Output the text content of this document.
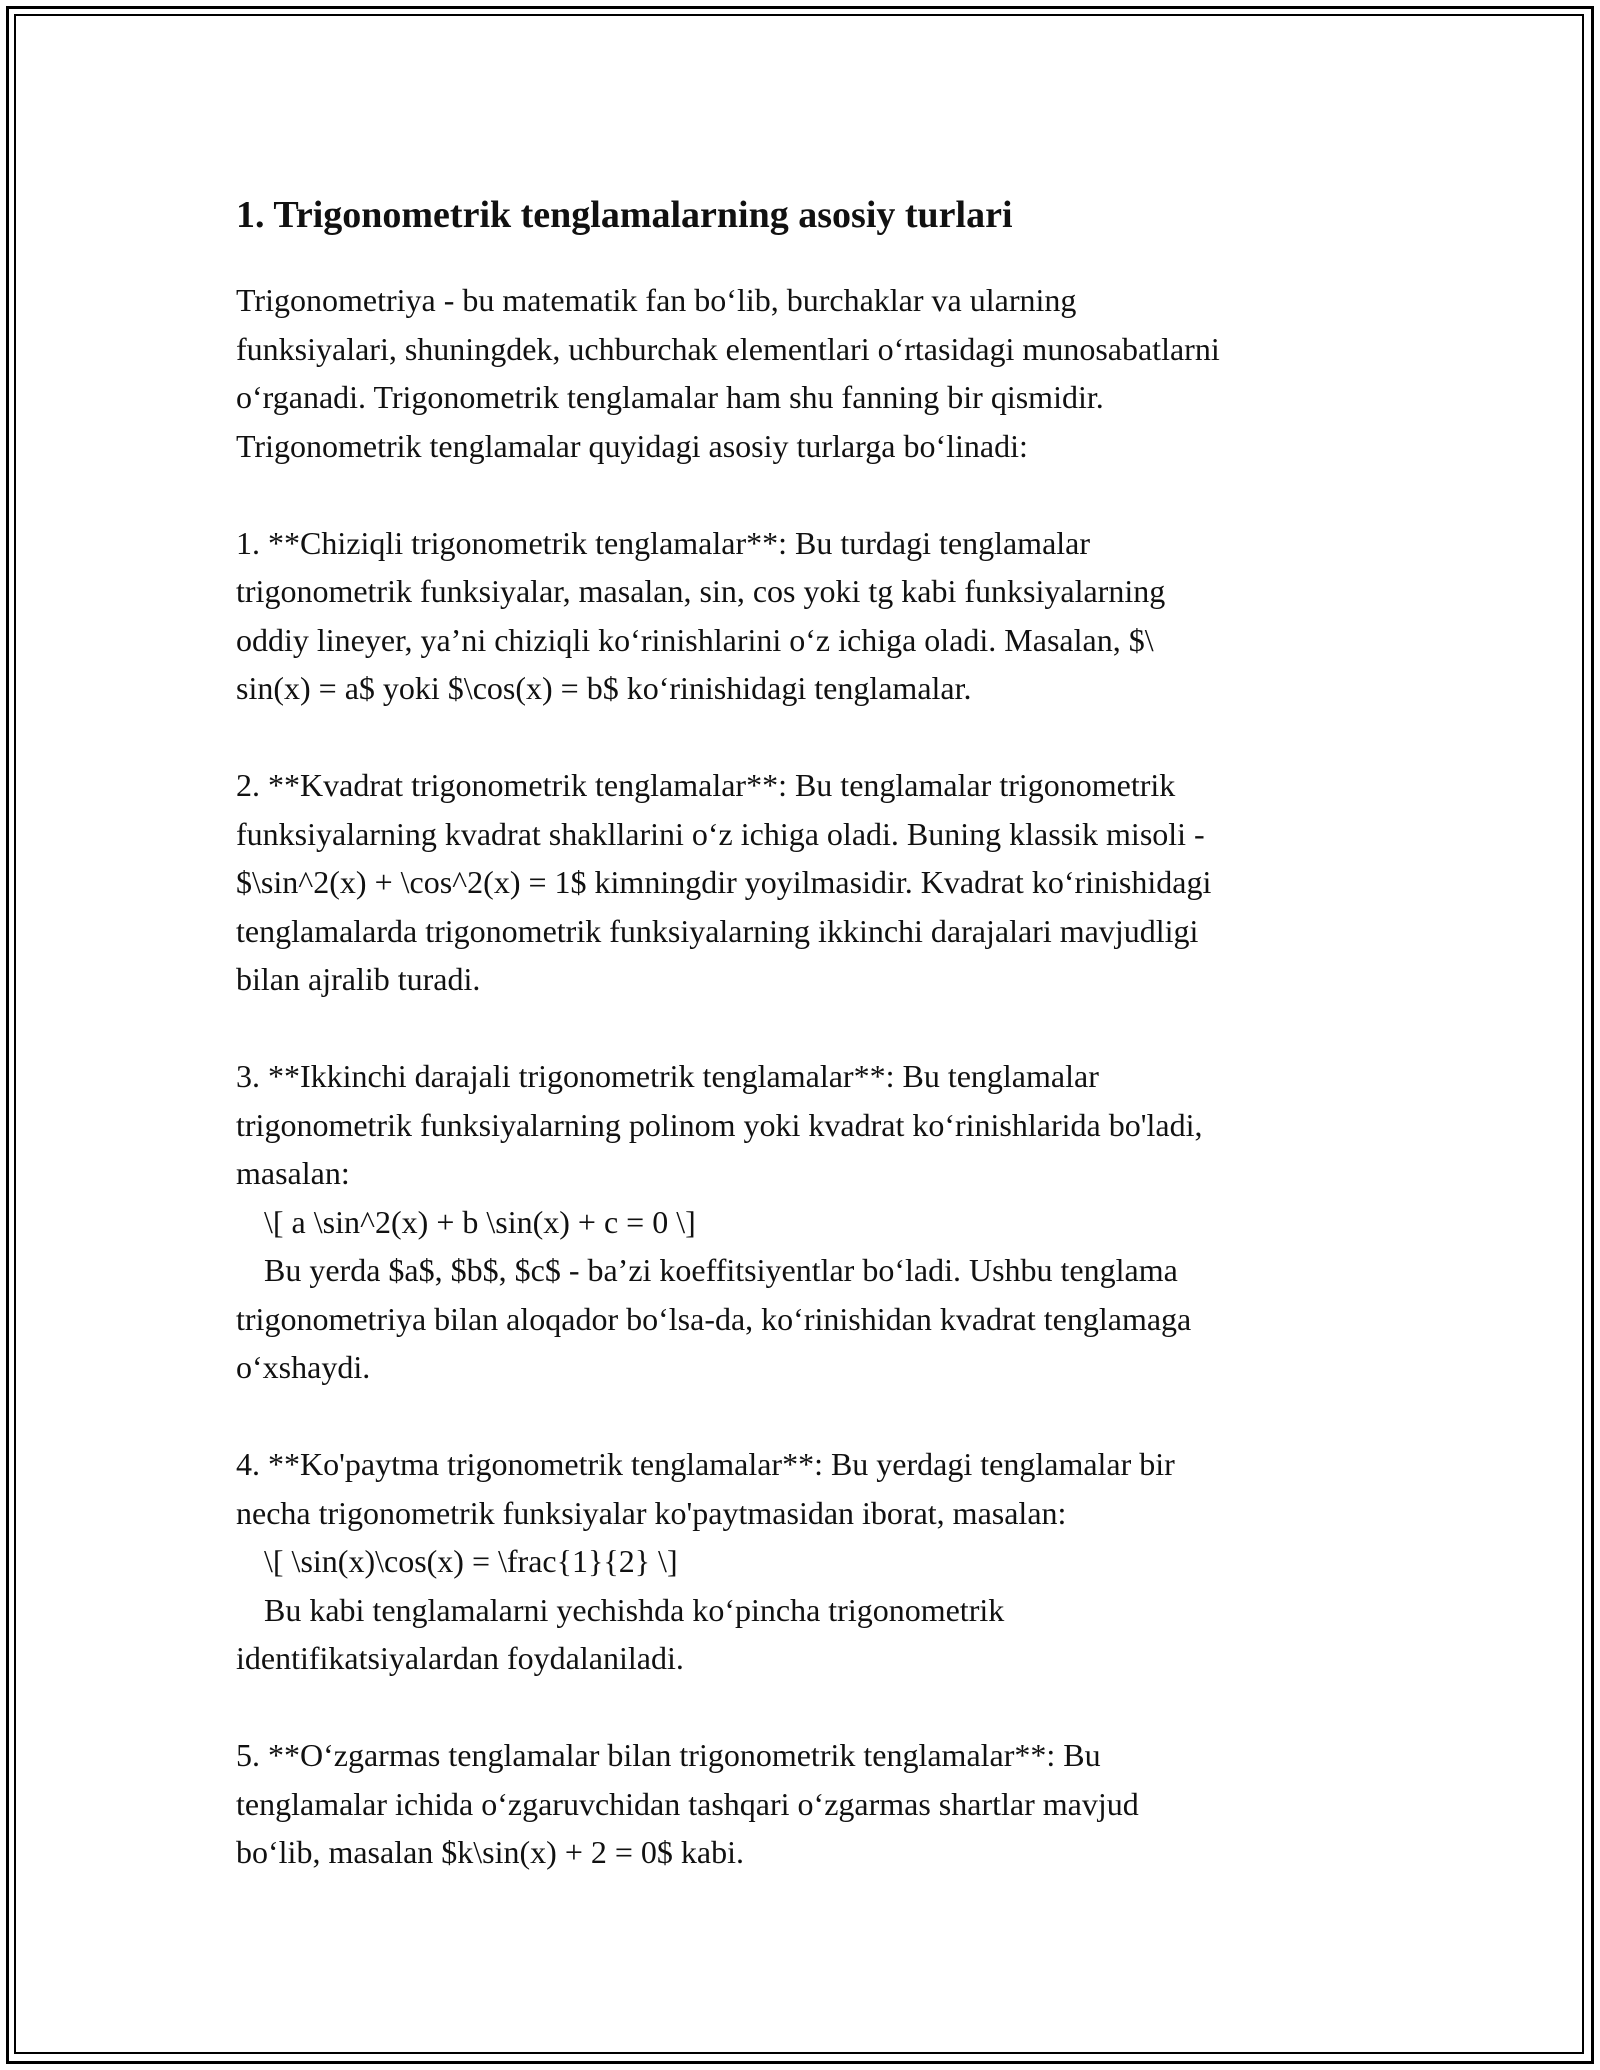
1. Trigonometrik tenglamalarning asosiy turlari

Trigonometriya - bu matematik fan bo‘lib, burchaklar va ularning
funksiyalari, shuningdek, uchburchak elementlari o‘rtasidagi munosabatlarni
o‘rganadi. Trigonometrik tenglamalar ham shu fanning bir qismidir.
Trigonometrik tenglamalar quyidagi asosiy turlarga bo‘linadi:

1. **Chiziqli trigonometrik tenglamalar**: Bu turdagi tenglamalar
trigonometrik funksiyalar, masalan, sin, cos yoki tg kabi funksiyalarning
oddiy lineyer, ya’ni chiziqli ko‘rinishlarini o‘z ichiga oladi. Masalan, $\
sin(x) = a$ yoki $\cos(x) = b$ ko‘rinishidagi tenglamalar.

2. **Kvadrat trigonometrik tenglamalar**: Bu tenglamalar trigonometrik
funksiyalarning kvadrat shakllarini o‘z ichiga oladi. Buning klassik misoli -
$\sin^2(x) + \cos^2(x) = 1$ kimningdir yoyilmasidir. Kvadrat ko‘rinishidagi
tenglamalarda trigonometrik funksiyalarning ikkinchi darajalari mavjudligi
bilan ajralib turadi.

3. **Ikkinchi darajali trigonometrik tenglamalar**: Bu tenglamalar
trigonometrik funksiyalarning polinom yoki kvadrat ko‘rinishlarida bo'ladi,
masalan:
\[ a \sin^2(x) + b \sin(x) + c = 0 \]
Bu yerda $a$, $b$, $c$ - ba’zi koeffitsiyentlar bo‘ladi. Ushbu tenglama
trigonometriya bilan aloqador bo‘lsa-da, ko‘rinishidan kvadrat tenglamaga
o‘xshaydi.

4. **Ko'paytma trigonometrik tenglamalar**: Bu yerdagi tenglamalar bir
necha trigonometrik funksiyalar ko'paytmasidan iborat, masalan:
\[ \sin(x)\cos(x) = \frac{1}{2} \]
Bu kabi tenglamalarni yechishda ko‘pincha trigonometrik
identifikatsiyalardan foydalaniladi.

5. **O‘zgarmas tenglamalar bilan trigonometrik tenglamalar**: Bu
tenglamalar ichida o‘zgaruvchidan tashqari o‘zgarmas shartlar mavjud
bo‘lib, masalan $k\sin(x) + 2 = 0$ kabi.
